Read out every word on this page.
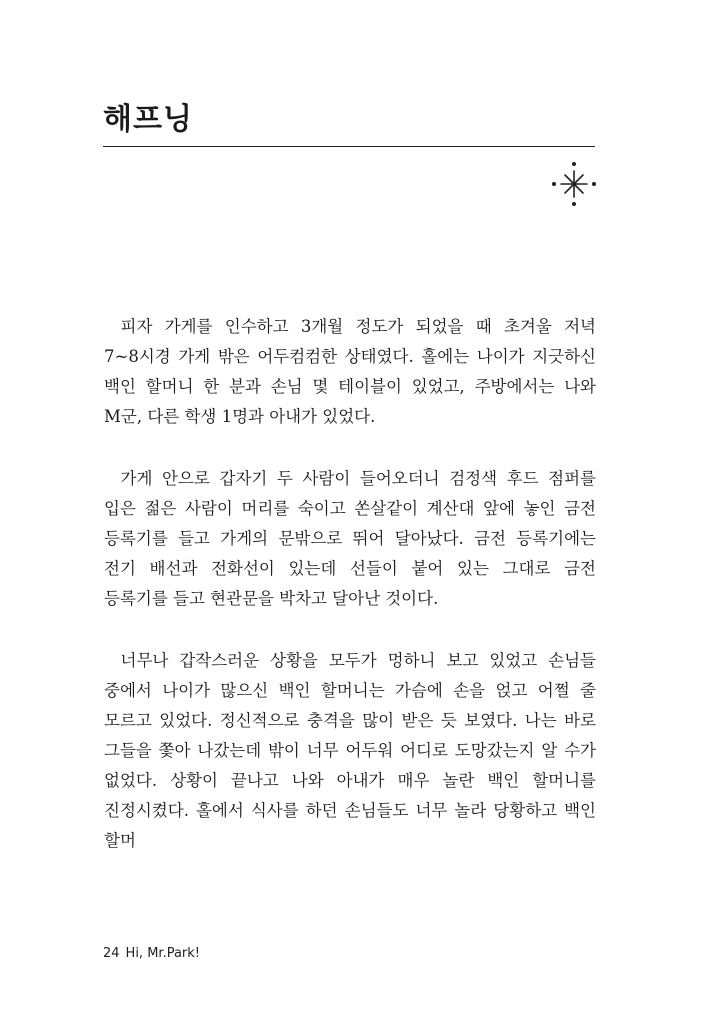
해프닝

피자 가게를 인수하고 3개월 정도가 되었을 때 초겨울 저녁 7~8시경 가게 밖은 어두컴컴한 상태였다. 홀에는 나이가 지긋하신 백인 할머니 한 분과 손님 몇 테이블이 있었고, 주방에서는 나와 M군, 다른 학생 1명과 아내가 있었다.

가게 안으로 갑자기 두 사람이 들어오더니 검정색 후드 점퍼를 입은 젊은 사람이 머리를 숙이고 쏜살같이 계산대 앞에 놓인 금전 등록기를 들고 가게의 문밖으로 뛰어 달아났다. 금전 등록기에는 전기 배선과 전화선이 있는데 선들이 붙어 있는 그대로 금전 등록기를 들고 현관문을 박차고 달아난 것이다.

너무나 갑작스러운 상황을 모두가 멍하니 보고 있었고 손님들 중에서 나이가 많으신 백인 할머니는 가슴에 손을 얹고 어쩔 줄 모르고 있었다. 정신적으로 충격을 많이 받은 듯 보였다. 나는 바로 그들을 쫓아 나갔는데 밖이 너무 어두워 어디로 도망갔는지 알 수가 없었다. 상황이 끝나고 나와 아내가 매우 놀란 백인 할머니를 진정시켰다. 홀에서 식사를 하던 손님들도 너무 놀라 당황하고 백인 할머

24 Hi, Mr.Park!
